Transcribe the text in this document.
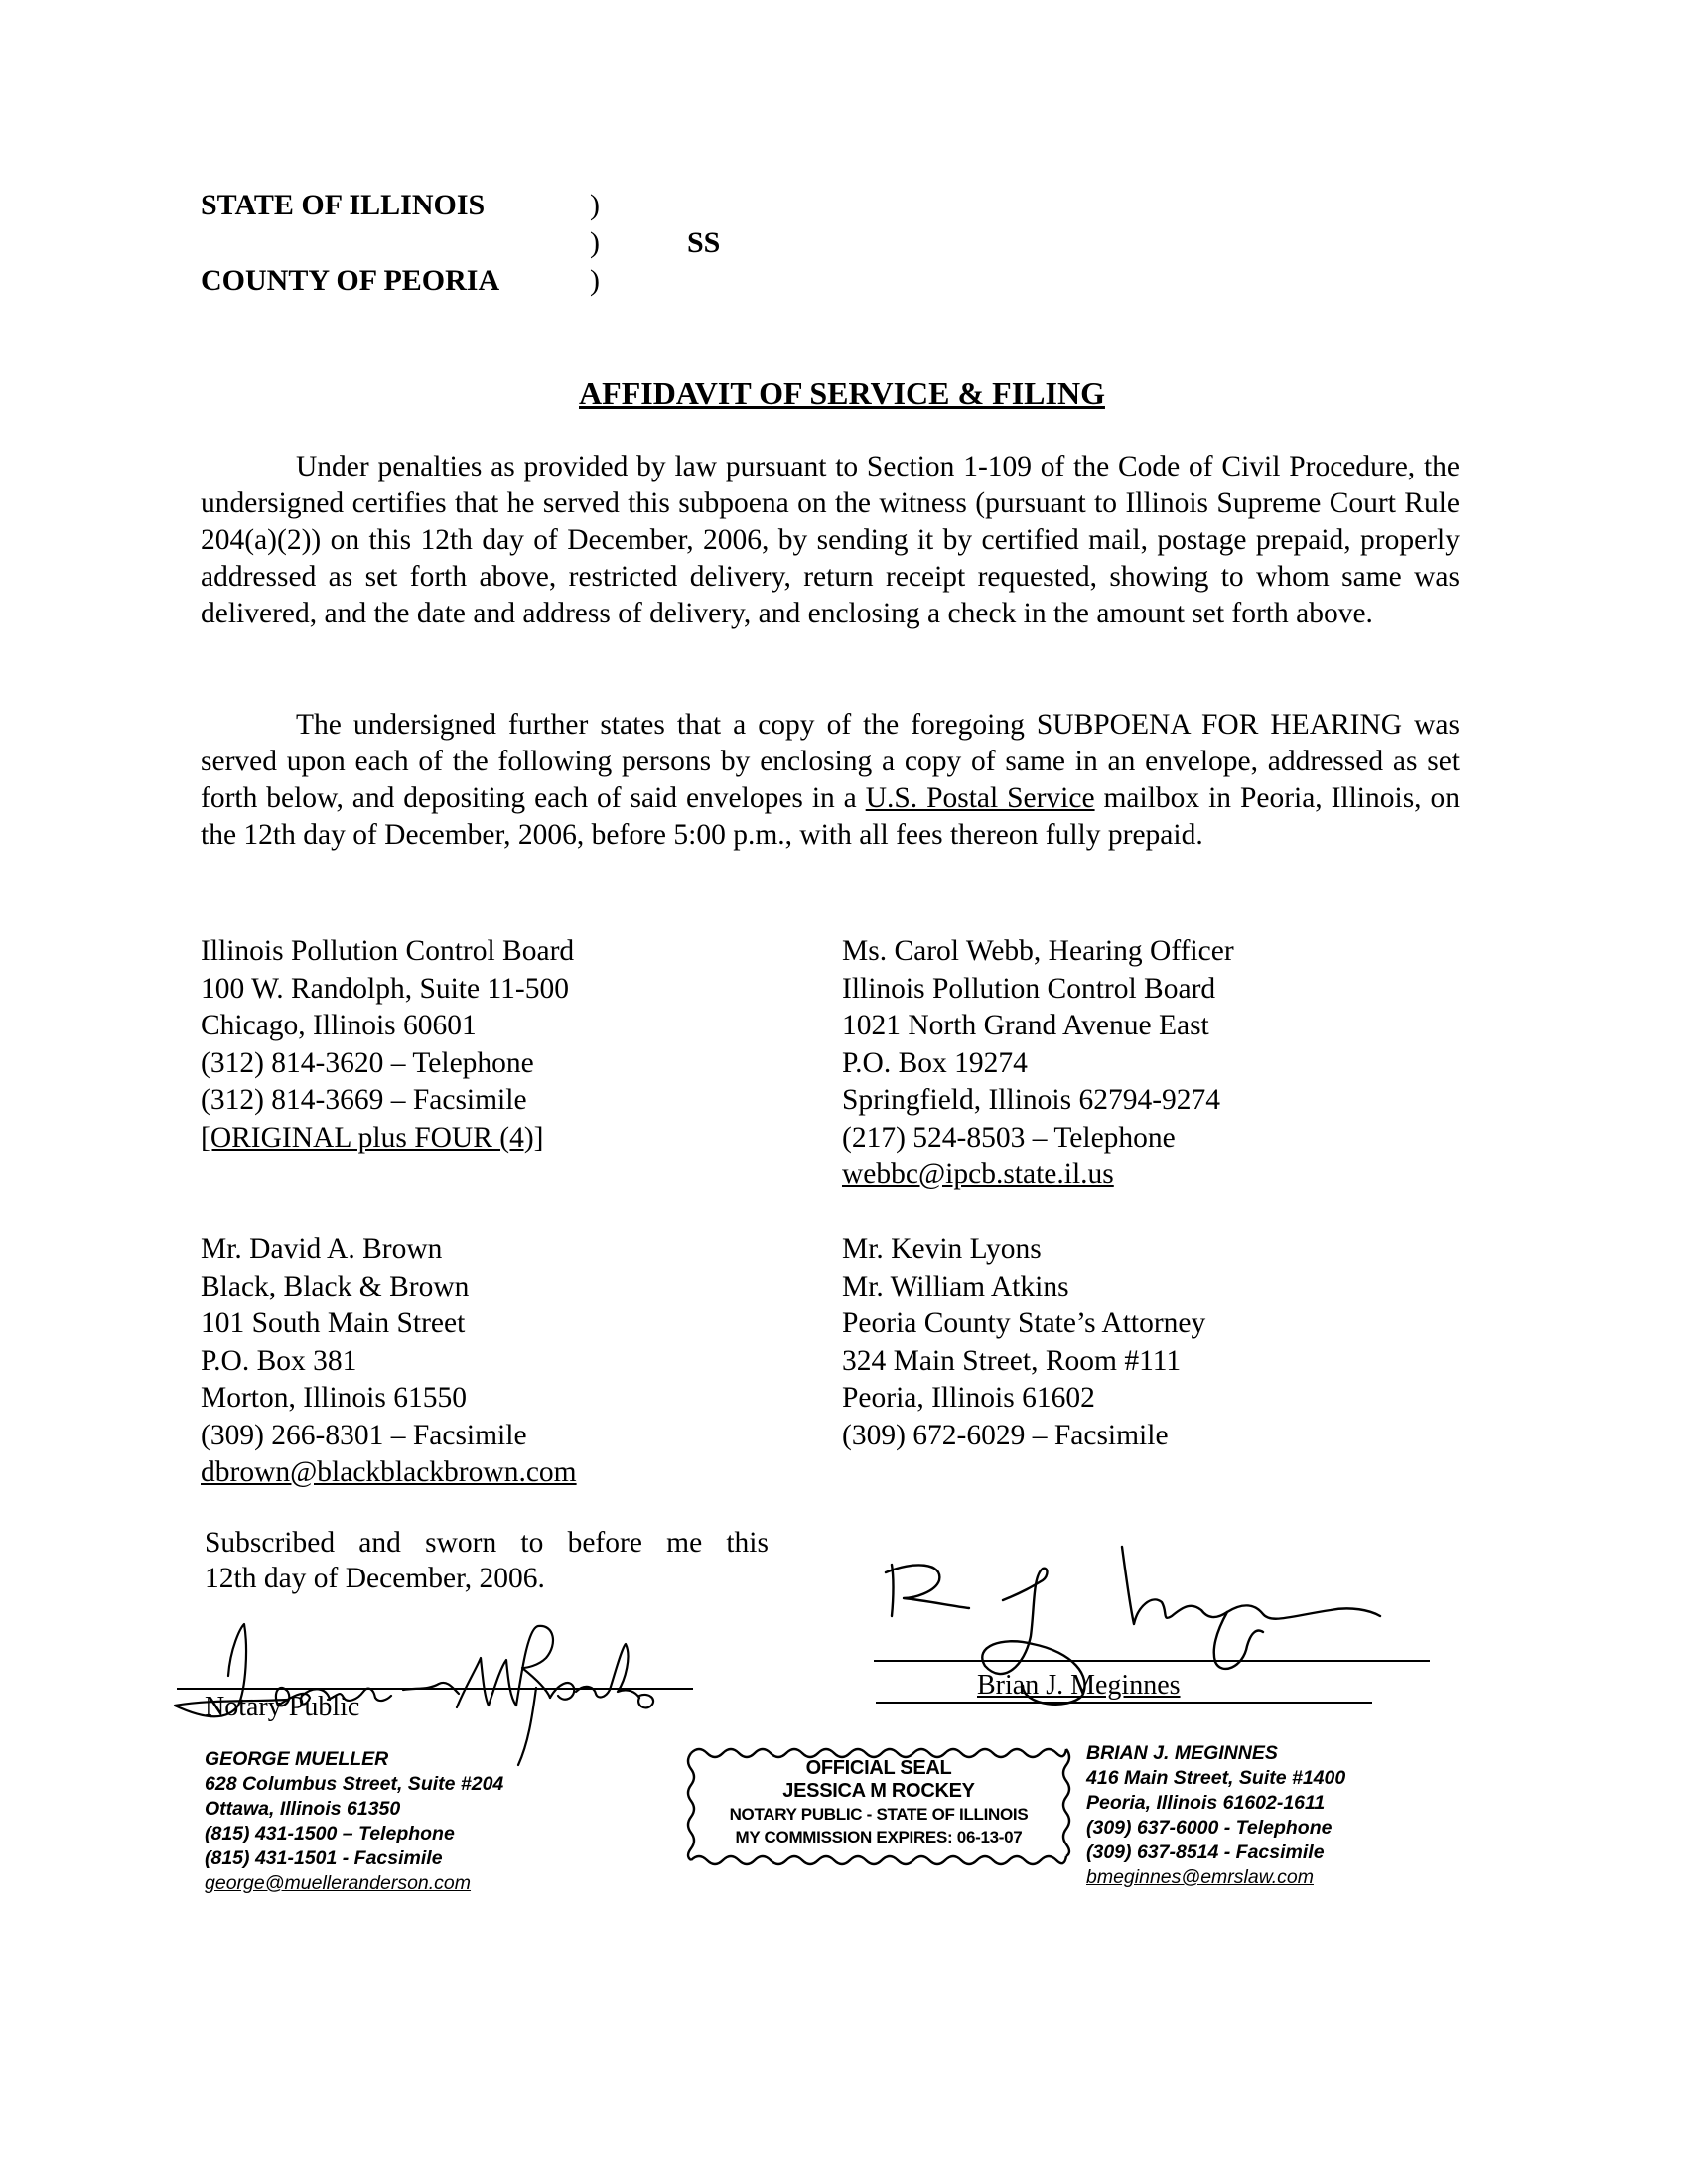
STATE OF ILLINOIS	)
)	SS
COUNTY OF PEORIA	)
AFFIDAVIT OF SERVICE & FILING

Under penalties as provided by law pursuant to Section 1-109 of the Code of Civil Procedure, the undersigned certifies that he served this subpoena on the witness (pursuant to Illinois Supreme Court Rule 204(a)(2)) on this 12th day of December, 2006, by sending it by certified mail, postage prepaid, properly addressed as set forth above, restricted delivery, return receipt requested, showing to whom same was delivered, and the date and address of delivery, and enclosing a check in the amount set forth above.

The undersigned further states that a copy of the foregoing SUBPOENA FOR HEARING was served upon each of the following persons by enclosing a copy of same in an envelope, addressed as set forth below, and depositing each of said envelopes in a U.S. Postal Service mailbox in Peoria, Illinois, on the 12th day of December, 2006, before 5:00 p.m., with all fees thereon fully prepaid.

Illinois Pollution Control Board
100 W. Randolph, Suite 11-500
Chicago, Illinois 60601
(312) 814-3620 – Telephone
(312) 814-3669 – Facsimile
[ORIGINAL plus FOUR (4)]
Ms. Carol Webb, Hearing Officer
Illinois Pollution Control Board
1021 North Grand Avenue East
P.O. Box 19274
Springfield, Illinois 62794-9274
(217) 524-8503 – Telephone
webbc@ipcb.state.il.us
Mr. David A. Brown
Black, Black & Brown
101 South Main Street
P.O. Box 381
Morton, Illinois 61550
(309) 266-8301 – Facsimile
dbrown@blackblackbrown.com
Mr. Kevin Lyons
Mr. William Atkins
Peoria County State’s Attorney
324 Main Street, Room #111
Peoria, Illinois 61602
(309) 672-6029 – Facsimile
Subscribed and sworn to before me this
12th day of December, 2006.
Notary Public
Brian J. Meginnes
GEORGE MUELLER
628 Columbus Street, Suite #204
Ottawa, Illinois 61350
(815) 431-1500 – Telephone
(815) 431-1501 - Facsimile
george@muelleranderson.com
OFFICIAL SEAL
JESSICA M ROCKEY
NOTARY PUBLIC - STATE OF ILLINOIS
MY COMMISSION EXPIRES: 06-13-07
BRIAN J. MEGINNES
416 Main Street, Suite #1400
Peoria, Illinois 61602-1611
(309) 637-6000 - Telephone
(309) 637-8514 - Facsimile
bmeginnes@emrslaw.com
